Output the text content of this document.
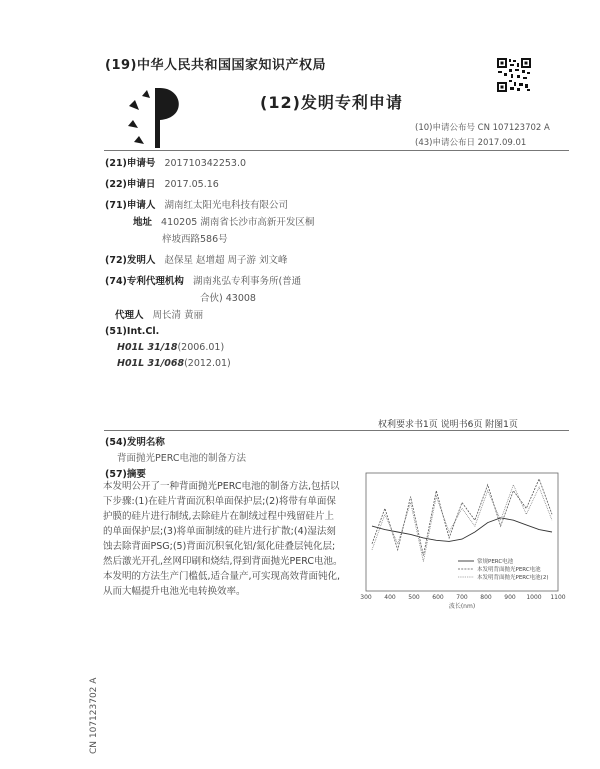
(19)中华人民共和国国家知识产权局
(12)发明专利申请
(10)申请公布号 CN 107123702 A
(43)申请公布日 2017.09.01
(21)申请号 201710342253.0
(22)申请日 2017.05.16
(71)申请人 湖南红太阳光电科技有限公司
地址 410205 湖南省长沙市高新开发区桐
梓坡西路586号
(72)发明人 赵保星 赵增超 周子游 刘文峰
(74)专利代理机构 湖南兆弘专利事务所(普通
合伙) 43008
代理人 周长清 黄丽
(51)Int.Cl.
H01L 31/18(2006.01)
H01L 31/068(2012.01)
权利要求书1页 说明书6页 附图1页
(54)发明名称
背面抛光PERC电池的制备方法
(57)摘要
本发明公开了一种背面抛光PERC电池的制备方法,包括以下步骤:(1)在硅片背面沉积单面保护层;(2)将带有单面保护膜的硅片进行制绒,去除硅片在制绒过程中残留硅片上的单面保护层;(3)将单面制绒的硅片进行扩散;(4)湿法刻蚀去除背面PSG;(5)背面沉积氧化铝/氮化硅叠层钝化层;然后激光开孔,丝网印刷和烧结,得到背面抛光PERC电池。本发明的方法生产门槛低,适合量产,可实现高效背面钝化,从而大幅提升电池光电转换效率。
300 400 500 600 700 800 900 1000 1100
波长(nm)
常规PERC电池
本发明背面抛光PERC电池
本发明背面抛光PERC电池(2)
CN 107123702 A
